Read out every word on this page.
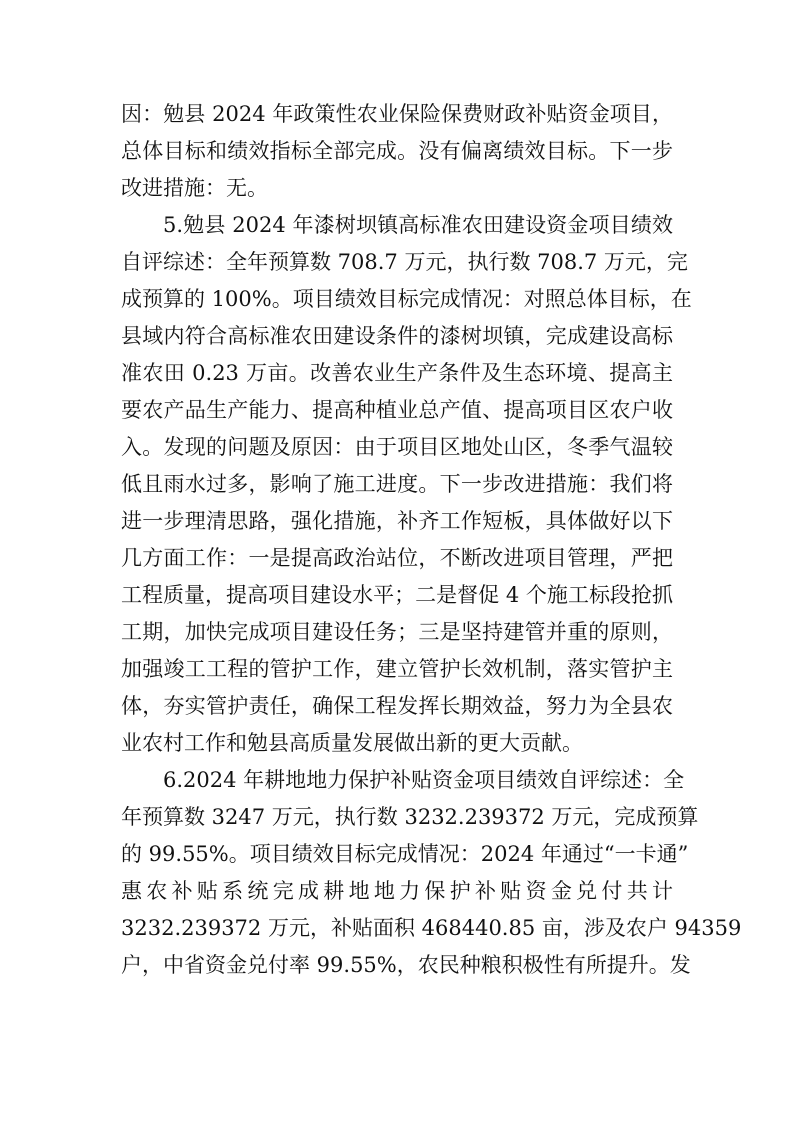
因：勉县 2024 年政策性农业保险保费财政补贴资金项目，
总体目标和绩效指标全部完成。没有偏离绩效目标。下一步
改进措施：无。
5.勉县 2024 年漆树坝镇高标准农田建设资金项目绩效
自评综述：全年预算数 708.7 万元，执行数 708.7 万元，完
成预算的 100%。项目绩效目标完成情况：对照总体目标，在
县域内符合高标准农田建设条件的漆树坝镇，完成建设高标
准农田 0.23 万亩。改善农业生产条件及生态环境、提高主
要农产品生产能力、提高种植业总产值、提高项目区农户收
入。发现的问题及原因：由于项目区地处山区，冬季气温较
低且雨水过多，影响了施工进度。下一步改进措施：我们将
进一步理清思路，强化措施，补齐工作短板，具体做好以下
几方面工作：一是提高政治站位，不断改进项目管理，严把
工程质量，提高项目建设水平；二是督促 4 个施工标段抢抓
工期，加快完成项目建设任务；三是坚持建管并重的原则，
加强竣工工程的管护工作，建立管护长效机制，落实管护主
体，夯实管护责任，确保工程发挥长期效益，努力为全县农
业农村工作和勉县高质量发展做出新的更大贡献。
6.2024 年耕地地力保护补贴资金项目绩效自评综述：全
年预算数 3247 万元，执行数 3232.239372 万元，完成预算
的 99.55%。项目绩效目标完成情况：2024 年通过“一卡通”
惠农补贴系统完成耕地地力保护补贴资金兑付共计
3232.239372 万元，补贴面积 468440.85 亩，涉及农户 94359
户，中省资金兑付率 99.55%，农民种粮积极性有所提升。发
